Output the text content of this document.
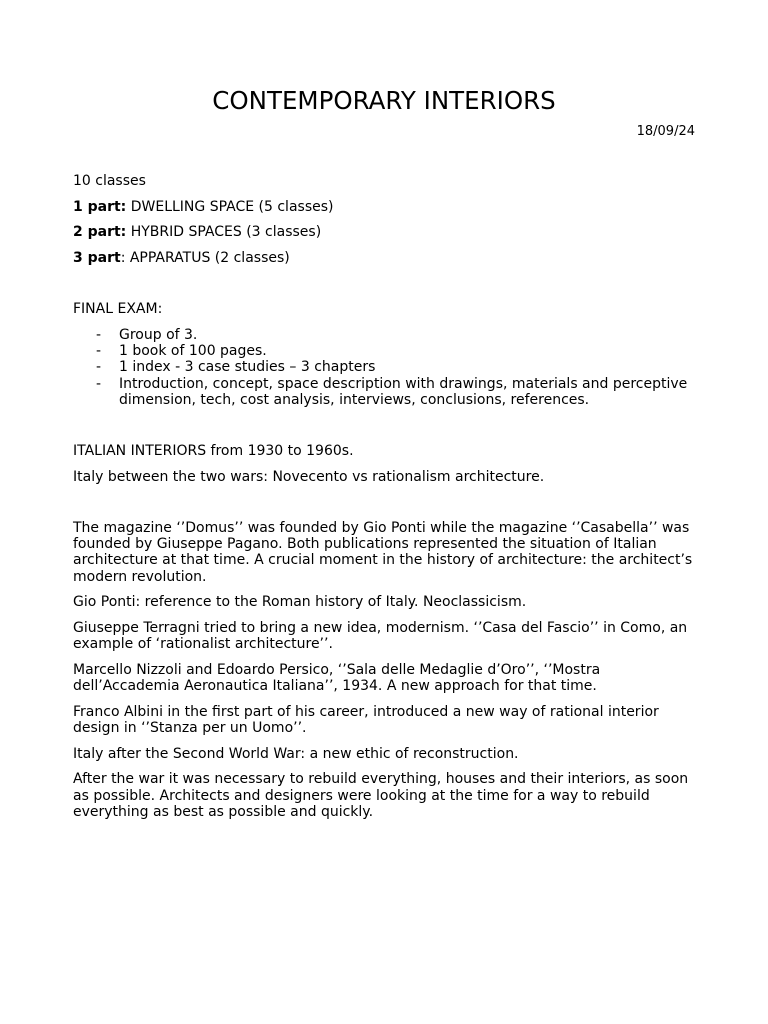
CONTEMPORARY INTERIORS
18/09/24

10 classes

1 part: DWELLING SPACE (5 classes)

2 part: HYBRID SPACES (3 classes)

3 part: APPARATUS (2 classes)

FINAL EXAM:

- Group of 3.
- 1 book of 100 pages.
- 1 index - 3 case studies – 3 chapters
- Introduction, concept, space description with drawings, materials and perceptive dimension, tech, cost analysis, interviews, conclusions, references.

ITALIAN INTERIORS from 1930 to 1960s.

Italy between the two wars: Novecento vs rationalism architecture.

The magazine ‘’Domus’’ was founded by Gio Ponti while the magazine ‘’Casabella’’ was founded by Giuseppe Pagano. Both publications represented the situation of Italian architecture at that time. A crucial moment in the history of architecture: the architect’s modern revolution.

Gio Ponti: reference to the Roman history of Italy. Neoclassicism.

Giuseppe Terragni tried to bring a new idea, modernism. ‘’Casa del Fascio’’ in Como, an example of ‘rationalist architecture’’.

Marcello Nizzoli and Edoardo Persico, ‘’Sala delle Medaglie d’Oro’’, ‘’Mostra dell’Accademia Aeronautica Italiana’’, 1934. A new approach for that time.

Franco Albini in the first part of his career, introduced a new way of rational interior design in ‘’Stanza per un Uomo’’.

Italy after the Second World War: a new ethic of reconstruction.

After the war it was necessary to rebuild everything, houses and their interiors, as soon as possible. Architects and designers were looking at the time for a way to rebuild everything as best as possible and quickly.
